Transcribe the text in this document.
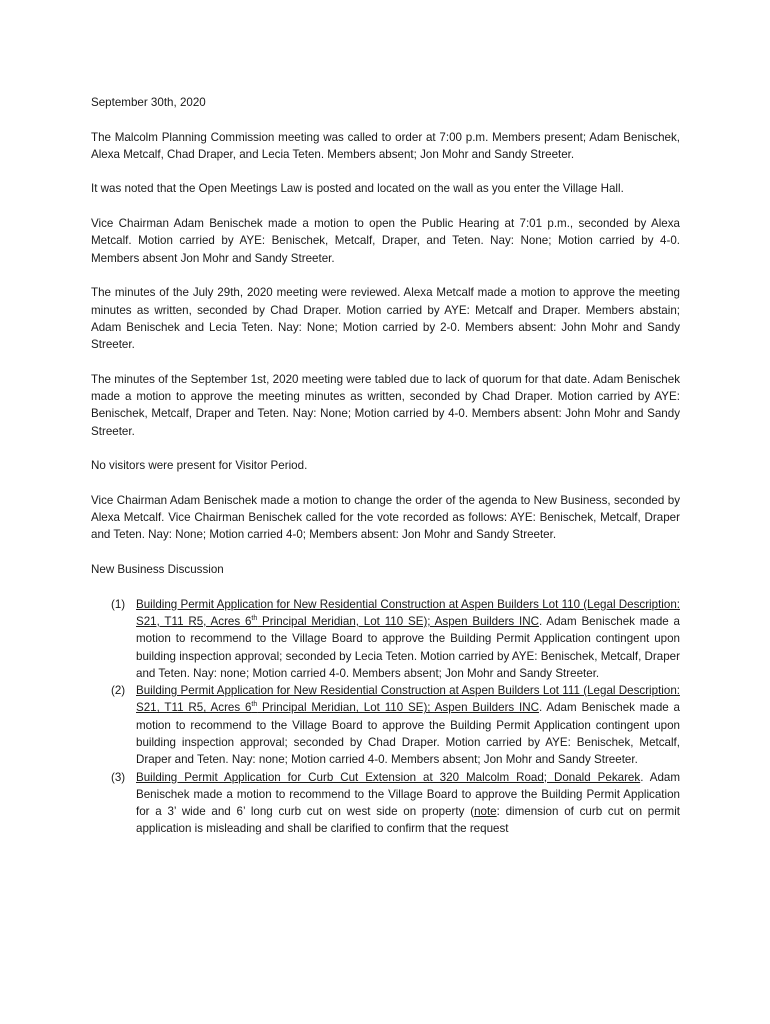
September 30th, 2020

The Malcolm Planning Commission meeting was called to order at 7:00 p.m. Members present; Adam Benischek, Alexa Metcalf, Chad Draper, and Lecia Teten. Members absent; Jon Mohr and Sandy Streeter.

It was noted that the Open Meetings Law is posted and located on the wall as you enter the Village Hall.

Vice Chairman Adam Benischek made a motion to open the Public Hearing at 7:01 p.m., seconded by Alexa Metcalf. Motion carried by AYE: Benischek, Metcalf, Draper, and Teten. Nay: None; Motion carried by 4-0. Members absent Jon Mohr and Sandy Streeter.

The minutes of the July 29th, 2020 meeting were reviewed. Alexa Metcalf made a motion to approve the meeting minutes as written, seconded by Chad Draper. Motion carried by AYE: Metcalf and Draper. Members abstain; Adam Benischek and Lecia Teten. Nay: None; Motion carried by 2-0. Members absent: John Mohr and Sandy Streeter.

The minutes of the September 1st, 2020 meeting were tabled due to lack of quorum for that date. Adam Benischek made a motion to approve the meeting minutes as written, seconded by Chad Draper. Motion carried by AYE: Benischek, Metcalf, Draper and Teten. Nay: None; Motion carried by 4-0. Members absent: John Mohr and Sandy Streeter.

No visitors were present for Visitor Period.

Vice Chairman Adam Benischek made a motion to change the order of the agenda to New Business, seconded by Alexa Metcalf. Vice Chairman Benischek called for the vote recorded as follows: AYE: Benischek, Metcalf, Draper and Teten. Nay: None; Motion carried 4-0; Members absent: Jon Mohr and Sandy Streeter.

New Business Discussion

(1) Building Permit Application for New Residential Construction at Aspen Builders Lot 110 (Legal Description: S21, T11 R5, Acres 6th Principal Meridian, Lot 110 SE); Aspen Builders INC. Adam Benischek made a motion to recommend to the Village Board to approve the Building Permit Application contingent upon building inspection approval; seconded by Lecia Teten. Motion carried by AYE: Benischek, Metcalf, Draper and Teten. Nay: none; Motion carried 4-0. Members absent; Jon Mohr and Sandy Streeter.
(2) Building Permit Application for New Residential Construction at Aspen Builders Lot 111 (Legal Description: S21, T11 R5, Acres 6th Principal Meridian, Lot 110 SE); Aspen Builders INC. Adam Benischek made a motion to recommend to the Village Board to approve the Building Permit Application contingent upon building inspection approval; seconded by Chad Draper. Motion carried by AYE: Benischek, Metcalf, Draper and Teten. Nay: none; Motion carried 4-0. Members absent; Jon Mohr and Sandy Streeter.
(3) Building Permit Application for Curb Cut Extension at 320 Malcolm Road; Donald Pekarek. Adam Benischek made a motion to recommend to the Village Board to approve the Building Permit Application for a 3’ wide and 6’ long curb cut on west side on property (note: dimension of curb cut on permit application is misleading and shall be clarified to confirm that the request
